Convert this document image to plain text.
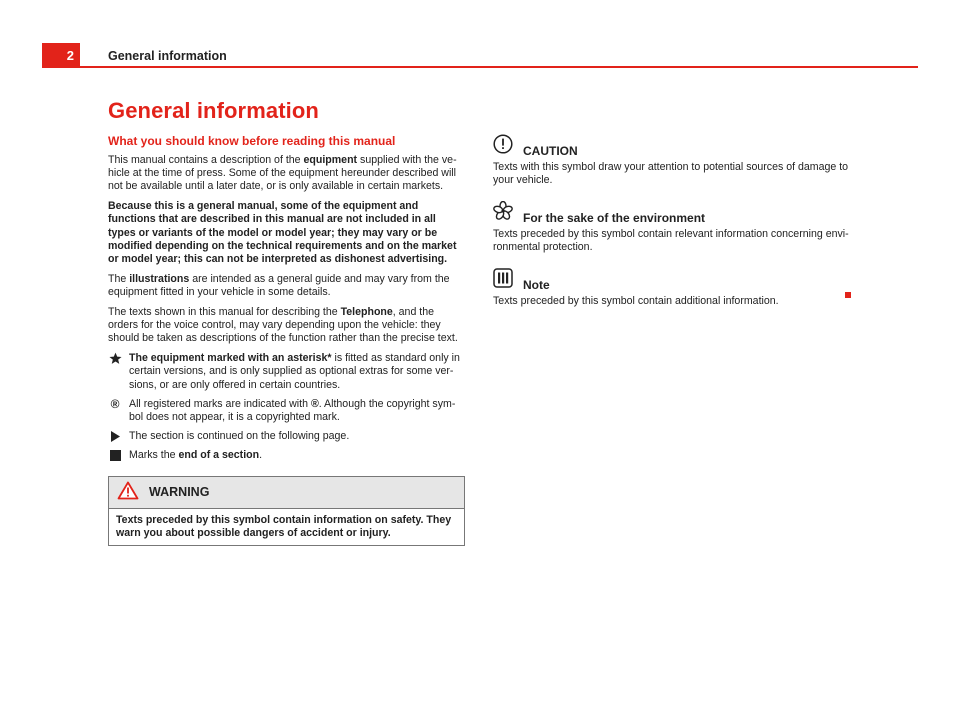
2	General information
General information
What you should know before reading this manual

This manual contains a description of the equipment supplied with the ve-hicle at the time of press. Some of the equipment hereunder described will not be available until a later date, or is only available in certain markets.

Because this is a general manual, some of the equipment and functions that are described in this manual are not included in all types or variants of the model or model year; they may vary or be modified depending on the technical requirements and on the market or model year; this can not be interpreted as dishonest advertising.

The illustrations are intended as a general guide and may vary from the equipment fitted in your vehicle in some details.

The texts shown in this manual for describing the Telephone, and the orders for the voice control, may vary depending upon the vehicle: they should be taken as descriptions of the function rather than the precise text.

The equipment marked with an asterisk* is fitted as standard only in certain versions, and is only supplied as optional extras for some ver-sions, or are only offered in certain countries.
® All registered marks are indicated with ®. Although the copyright sym-bol does not appear, it is a copyrighted mark.
The section is continued on the following page.
Marks the end of a section.
WARNING
Texts preceded by this symbol contain information on safety. They warn you about possible dangers of accident or injury.
CAUTION
Texts with this symbol draw your attention to potential sources of damage to your vehicle.
For the sake of the environment
Texts preceded by this symbol contain relevant information concerning envi-ronmental protection.
Note
Texts preceded by this symbol contain additional information.
